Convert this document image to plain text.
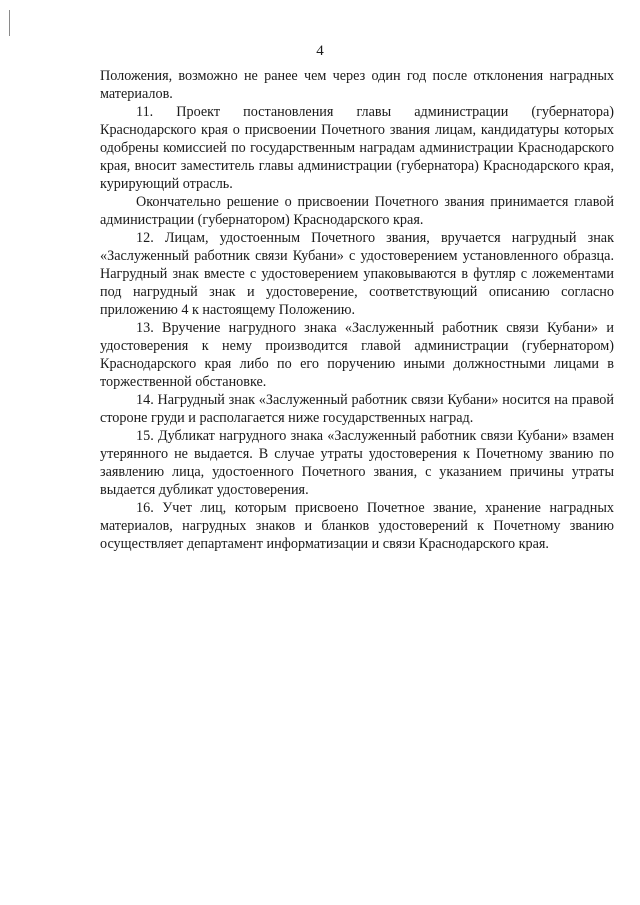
4

Положения, возможно не ранее чем через один год после отклонения наградных материалов.

11. Проект постановления главы администрации (губернатора) Краснодарского края о присвоении Почетного звания лицам, кандидатуры которых одобрены комиссией по государственным наградам администрации Краснодарского края, вносит заместитель главы администрации (губернатора) Краснодарского края, курирующий отрасль.

Окончательно решение о присвоении Почетного звания принимается главой администрации (губернатором) Краснодарского края.

12. Лицам, удостоенным Почетного звания, вручается нагрудный знак «Заслуженный работник связи Кубани» с удостоверением установленного образца. Нагрудный знак вместе с удостоверением упаковываются в футляр с ложементами под нагрудный знак и удостоверение, соответствующий описанию согласно приложению 4 к настоящему Положению.

13. Вручение нагрудного знака «Заслуженный работник связи Кубани» и удостоверения к нему производится главой администрации (губернатором) Краснодарского края либо по его поручению иными должностными лицами в торжественной обстановке.

14. Нагрудный знак «Заслуженный работник связи Кубани» носится на правой стороне груди и располагается ниже государственных наград.

15. Дубликат нагрудного знака «Заслуженный работник связи Кубани» взамен утерянного не выдается. В случае утраты удостоверения к Почетному званию по заявлению лица, удостоенного Почетного звания, с указанием причины утраты выдается дубликат удостоверения.

16. Учет лиц, которым присвоено Почетное звание, хранение наградных материалов, нагрудных знаков и бланков удостоверений к Почетному званию осуществляет департамент информатизации и связи Краснодарского края.
